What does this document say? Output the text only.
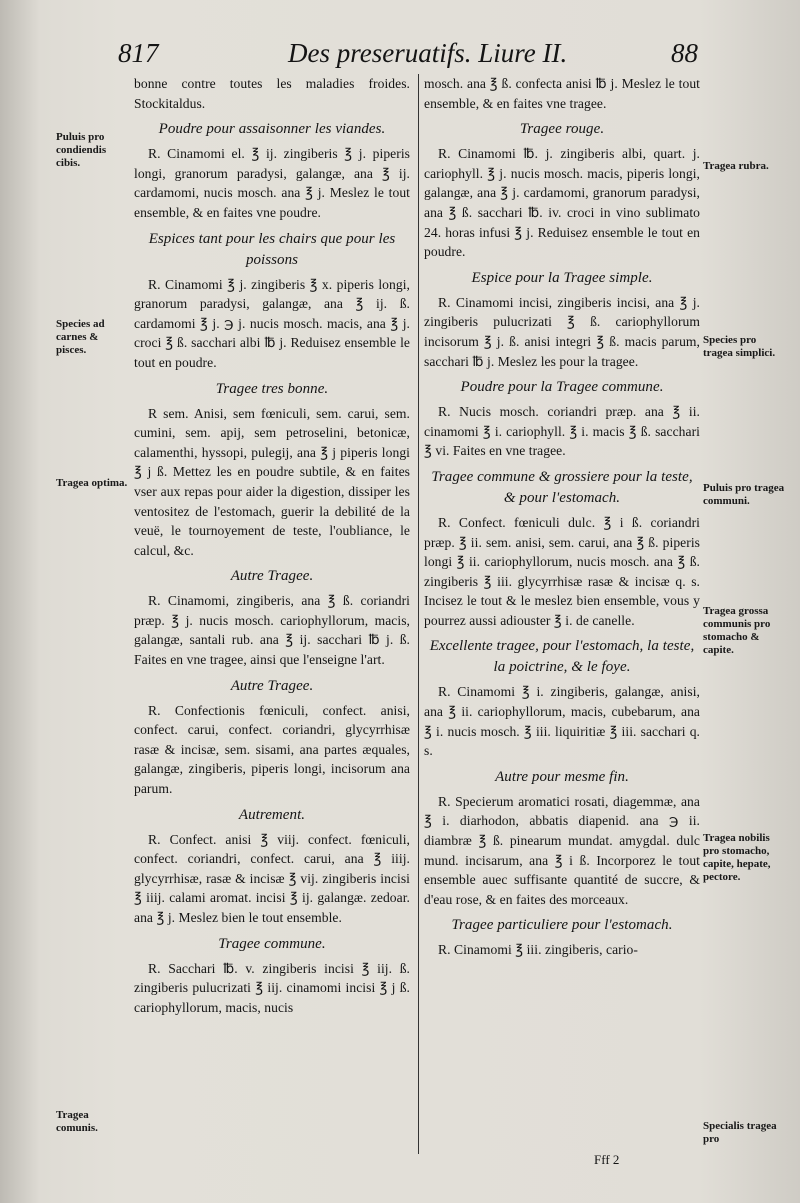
817	Des preseruatifs. Liure II.	88

bonne contre toutes les maladies froides. Stockitaldus.

Poudre pour assaisonner les viandes.

R. Cinamomi el. ℥ ij. zingiberis ℥ j. piperis longi, granorum paradysi, galangæ, ana ℥ ij. cardamomi, nucis mosch. ana ℥ j. Meslez le tout ensemble, & en faites vne poudre.

Espices tant pour les chairs que pour les poissons

R. Cinamomi ℥ j. zingiberis ℥ x. piperis longi, granorum paradysi, galangæ, ana ℥ ij. ß. cardamomi ℥ j. ℈ j. nucis mosch. macis, ana ℥ j. croci ℥ ß. sacchari albi ℔ j. Reduisez ensemble le tout en poudre.

Tragee tres bonne.

R sem. Anisi, sem fœniculi, sem. carui, sem. cumini, sem. apij, sem petroselini, betonicæ, calamenthi, hyssopi, pulegij, ana ℥ j piperis longi ℥ j ß. Mettez les en poudre subtile, & en faites vser aux repas pour aider la digestion, dissiper les ventositez de l'estomach, guerir la debilité de la veuë, le tournoyement de teste, l'oubliance, le calcul, &c.

Autre Tragee.

R. Cinamomi, zingiberis, ana ℥ ß. coriandri præp. ℥ j. nucis mosch. cariophyllorum, macis, galangæ, santali rub. ana ℥ ij. sacchari ℔ j. ß. Faites en vne tragee, ainsi que l'enseigne l'art.

Autre Tragee.

R. Confectionis fœniculi, confect. anisi, confect. carui, confect. coriandri, glycyrrhisæ rasæ & incisæ, sem. sisami, ana partes æquales, galangæ, zingiberis, piperis longi, incisorum ana parum.

Autrement.

R. Confect. anisi ℥ viij. confect. fœniculi, confect. coriandri, confect. carui, ana ℥ iiij. glycyrrhisæ, rasæ & incisæ ℥ vij. zingiberis incisi ℥ iiij. calami aromat. incisi ℥ ij. galangæ. zedoar. ana ℥ j. Meslez bien le tout ensemble.

Tragee commune.

R. Sacchari ℔. v. zingiberis incisi ℥ iij. ß. zingiberis pulucrizati ℥ iij. cinamomi incisi ℥ j ß. cariophyllorum, macis, nucis

mosch. ana ℥ ß. confecta anisi ℔ j. Meslez le tout ensemble, & en faites vne tragee.

Tragee rouge.

R. Cinamomi ℔. j. zingiberis albi, quart. j. cariophyll. ℥ j. nucis mosch. macis, piperis longi, galangæ, ana ℥ j. cardamomi, granorum paradysi, ana ℥ ß. sacchari ℔. iv. croci in vino sublimato 24. horas infusi ℥ j. Reduisez ensemble le tout en poudre.

Espice pour la Tragee simple.

R. Cinamomi incisi, zingiberis incisi, ana ℥ j. zingiberis pulucrizati ℥ ß. cariophyllorum incisorum ℥ j. ß. anisi integri ℥ ß. macis parum, sacchari ℔ j. Meslez les pour la tragee.

Poudre pour la Tragee commune.

R. Nucis mosch. coriandri præp. ana ℥ ii. cinamomi ℥ i. cariophyll. ℥ i. macis ℥ ß. sacchari ℥ vi. Faites en vne tragee.

Tragee commune & grossiere pour la teste, & pour l'estomach.

R. Confect. fœniculi dulc. ℥ i ß. coriandri præp. ℥ ii. sem. anisi, sem. carui, ana ℥ ß. piperis longi ℥ ii. cariophyllorum, nucis mosch. ana ℥ ß. zingiberis ℥ iii. glycyrrhisæ rasæ & incisæ q. s. Incisez le tout & le meslez bien ensemble, vous y pourrez aussi adiouster ℥ i. de canelle.

Excellente tragee, pour l'estomach, la teste, la poictrine, & le foye.

R. Cinamomi ℥ i. zingiberis, galangæ, anisi, ana ℥ ii. cariophyllorum, macis, cubebarum, ana ℥ i. nucis mosch. ℥ iii. liquiritiæ ℥ iii. sacchari q. s.

Autre pour mesme fin.

R. Specierum aromatici rosati, diagemmæ, ana ℥ i. diarhodon, abbatis diapenid. ana ℈ ii. diambræ ℥ ß. pinearum mundat. amygdal. dulc mund. incisarum, ana ℥ i ß. Incorporez le tout ensemble auec suffisante quantité de succre, & d'eau rose, & en faites des morceaux.

Tragee particuliere pour l'estomach.

R. Cinamomi ℥ iii. zingiberis, cario-

Puluis pro condiendis cibis.
Species ad carnes & pisces.
Tragea optima.
Tragea comunis.
Tragea rubra.
Species pro tragea simplici.
Puluis pro tragea communi.
Tragea grossa communis pro stomacho & capite.
Tragea nobilis pro stomacho, capite, hepate, pectore.
Specialis tragea pro
Fff 2
